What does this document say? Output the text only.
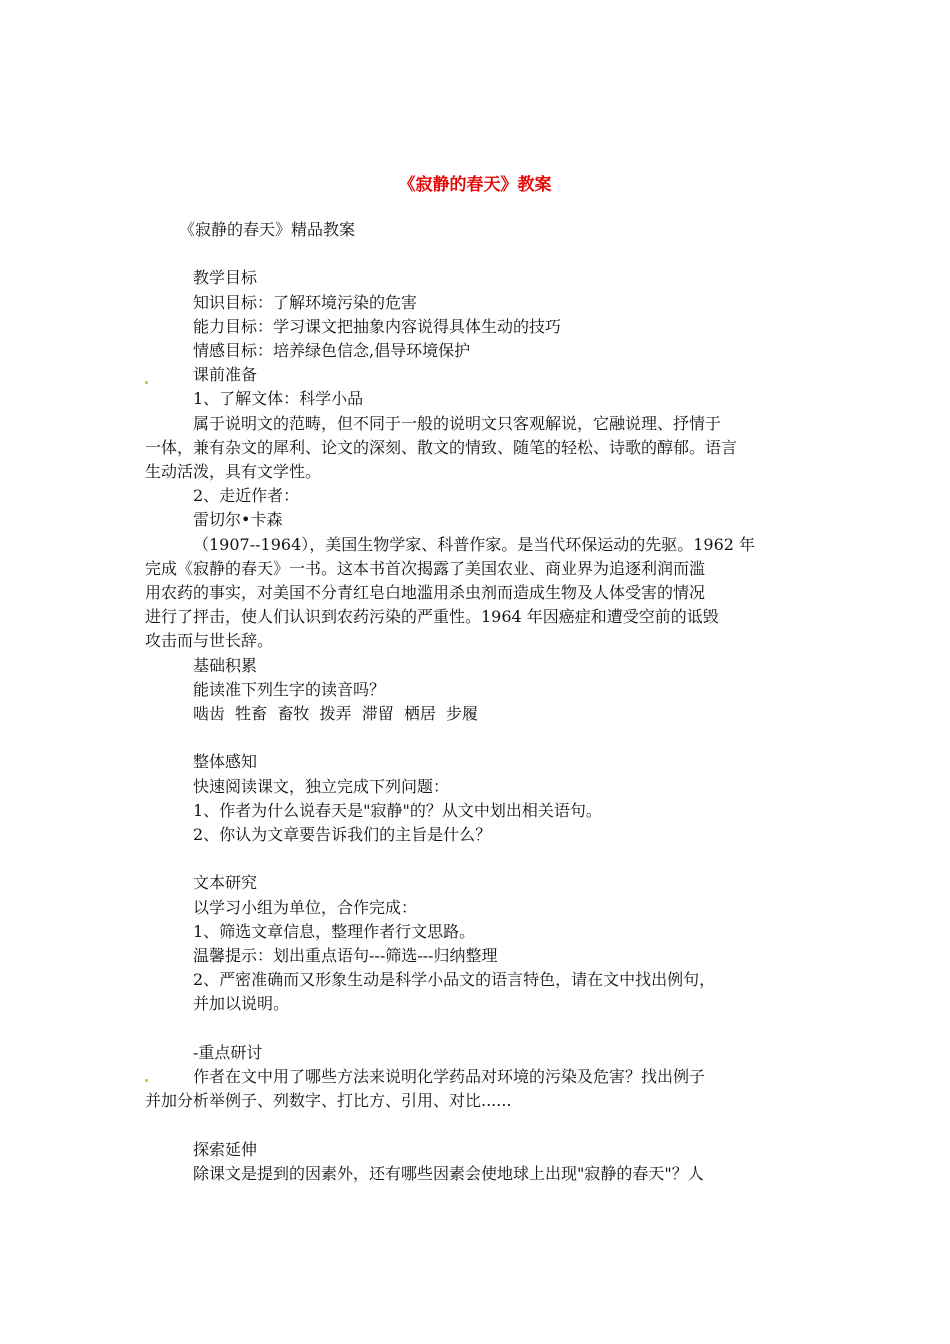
《寂静的春天》教案

《寂静的春天》精品教案

教学目标

知识目标：了解环境污染的危害

能力目标：学习课文把抽象内容说得具体生动的技巧

情感目标：培养绿色信念,倡导环境保护

课前准备

1、了解文体：科学小品

属于说明文的范畴，但不同于一般的说明文只客观解说，它融说理、抒情于

一体，兼有杂文的犀利、论文的深刻、散文的情致、随笔的轻松、诗歌的醇郁。语言

生动活泼，具有文学性。

2、走近作者：

雷切尔•卡森

（1907--1964），美国生物学家、科普作家。是当代环保运动的先驱。1962 年

完成《寂静的春天》一书。这本书首次揭露了美国农业、商业界为追逐利润而滥

用农药的事实，对美国不分青红皂白地滥用杀虫剂而造成生物及人体受害的情况

进行了抨击，使人们认识到农药污染的严重性。1964 年因癌症和遭受空前的诋毁

攻击而与世长辞。

基础积累

能读准下列生字的读音吗？

啮齿  牲畜  畜牧  拨弄  滞留  栖居  步履

整体感知

快速阅读课文，独立完成下列问题：

1、作者为什么说春天是"寂静"的？从文中划出相关语句。

2、你认为文章要告诉我们的主旨是什么？

文本研究

以学习小组为单位，合作完成：

1、筛选文章信息，整理作者行文思路。

温馨提示：划出重点语句---筛选---归纳整理

2、严密准确而又形象生动是科学小品文的语言特色，请在文中找出例句，

并加以说明。

-重点研讨

作者在文中用了哪些方法来说明化学药品对环境的污染及危害？找出例子

并加分析举例子、列数字、打比方、引用、对比......

探索延伸

除课文是提到的因素外，还有哪些因素会使地球上出现"寂静的春天"？人
